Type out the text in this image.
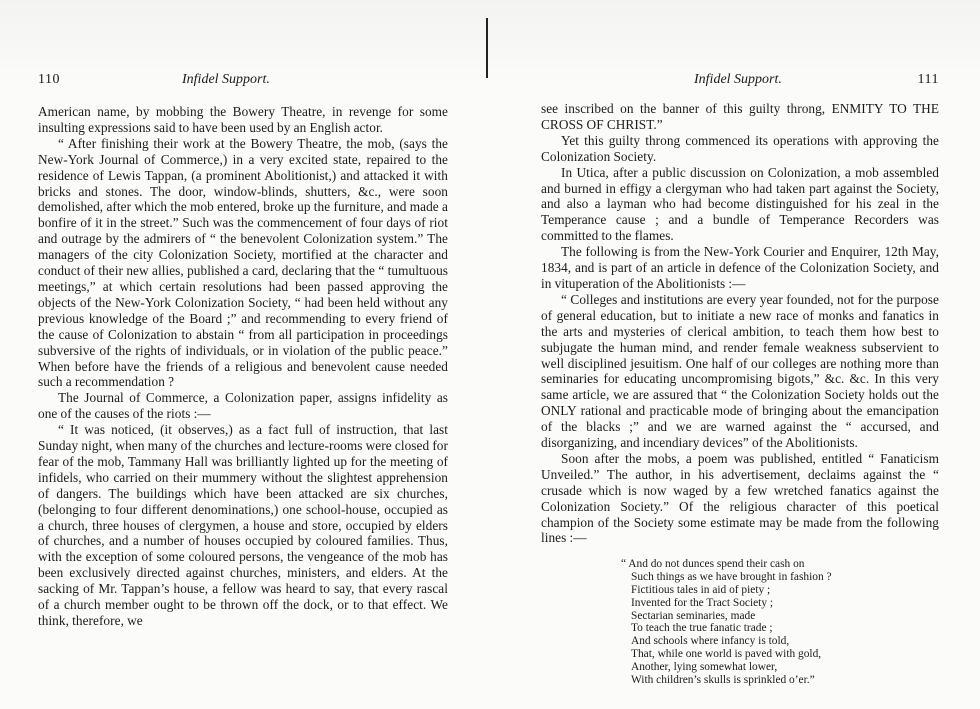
110	Infidel Support.

American name, by mobbing the Bowery Theatre, in revenge for some insulting expressions said to have been used by an English actor.

“ After finishing their work at the Bowery Theatre, the mob, (says the New-York Journal of Commerce,) in a very excited state, repaired to the residence of Lewis Tappan, (a prominent Abolitionist,) and attacked it with bricks and stones. The door, window-blinds, shutters, &c., were soon demolished, after which the mob entered, broke up the furniture, and made a bonfire of it in the street.” Such was the commencement of four days of riot and outrage by the admirers of “ the benevolent Colonization system.” The managers of the city Colonization Society, mortified at the character and conduct of their new allies, published a card, declaring that the “ tumultuous meetings,” at which certain resolutions had been passed approving the objects of the New-York Colonization Society, “ had been held without any previous knowledge of the Board ;” and recommending to every friend of the cause of Colonization to abstain “ from all participation in proceedings subversive of the rights of individuals, or in violation of the public peace.” When before have the friends of a religious and benevolent cause needed such a recommendation ?

The Journal of Commerce, a Colonization paper, assigns infidelity as one of the causes of the riots :—

“ It was noticed, (it observes,) as a fact full of instruction, that last Sunday night, when many of the churches and lecture-rooms were closed for fear of the mob, Tammany Hall was brilliantly lighted up for the meeting of infidels, who carried on their mummery without the slightest apprehension of dangers. The buildings which have been attacked are six churches, (belonging to four different denominations,) one school-house, occupied as a church, three houses of clergymen, a house and store, occupied by elders of churches, and a number of houses occupied by coloured families. Thus, with the exception of some coloured persons, the vengeance of the mob has been exclusively directed against churches, ministers, and elders. At the sacking of Mr. Tappan’s house, a fellow was heard to say, that every rascal of a church member ought to be thrown off the dock, or to that effect. We think, therefore, we

Infidel Support.	111

see inscribed on the banner of this guilty throng, ENMITY TO THE CROSS OF CHRIST.”

Yet this guilty throng commenced its operations with approving the Colonization Society.

In Utica, after a public discussion on Colonization, a mob assembled and burned in effigy a clergyman who had taken part against the Society, and also a layman who had become distinguished for his zeal in the Temperance cause ; and a bundle of Temperance Recorders was committed to the flames.

The following is from the New-York Courier and Enquirer, 12th May, 1834, and is part of an article in defence of the Colonization Society, and in vituperation of the Abolitionists :—

“ Colleges and institutions are every year founded, not for the purpose of general education, but to initiate a new race of monks and fanatics in the arts and mysteries of clerical ambition, to teach them how best to subjugate the human mind, and render female weakness subservient to well disciplined jesuitism. One half of our colleges are nothing more than seminaries for educating uncompromising bigots,” &c. &c. In this very same article, we are assured that “ the Colonization Society holds out the ONLY rational and practicable mode of bringing about the emancipation of the blacks ;” and we are warned against the “ accursed, and disorganizing, and incendiary devices” of the Abolitionists.

Soon after the mobs, a poem was published, entitled “ Fanaticism Unveiled.” The author, in his advertisement, declaims against the “ crusade which is now waged by a few wretched fanatics against the Colonization Society.” Of the religious character of this poetical champion of the Society some estimate may be made from the following lines :—

“ And do not dunces spend their cash on
Such things as we have brought in fashion ?
Fictitious tales in aid of piety ;
Invented for the Tract Society ;
Sectarian seminaries, made
To teach the true fanatic trade ;
And schools where infancy is told,
That, while one world is paved with gold,
Another, lying somewhat lower,
With children’s skulls is sprinkled o’er.”
